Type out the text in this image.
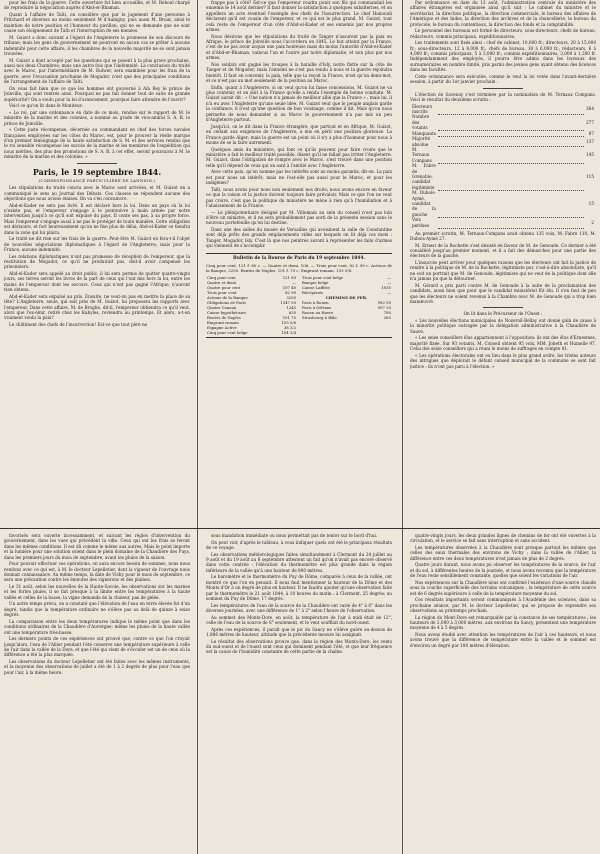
pour les frais de la guerre. Cette ouverture fut bien accueillie, et M. Reboul chargé de reproduire la négociation auprès d'Abd-er-Rhaman.

Quant à l'affaire de Taïti, on considère que par le jugement d'une personne à Pritchard et diverses au moins seulement M d'Aubigny, puis aussi M. Bruat, ainsi le maintien de notre position et l'honneur du pavillon, qui ne se demande que ne sont cause son éloignement de Taïti et l'interruption de ses menées.

M. Guizot a donc suivant a l'égard de l'Angleterre la promesse de son discours de tribune; mais les gens du gouvernement ne pourront en aucun cas se prêter à aucune indemnité pour cette affaire, il les chambres de la nouvelle majorité ne se sont jamais trouvées.

M. Guizot a dont accepté par les questions qui se posent à la plus grave prochaine, aussi nos deux Chambres; mais une autre fois que l'indemnité. La conclusion du traité avec le Maroc, par l'intermédiaire de M. Bulwer, sera examinée pour les frais de la guerre, avec l'évacuation prochaine de Mogador, n'est que des principales conditions de l'arrangement de l'affaire de Taïti.

On vous fait bien que ce que les hommes ont gouverné à Aïn Bey le prince de Joinville, qui sont rentrés ainsi. Pourquoi ne pas fait donner tout de suite de grande supériorité? On a voulu pour la loi d'avancement, pourquoi faire attendre de l'ouvrir?

Voici ce qu'on lit dans le Moniteur:

« Le roi, par une ordonnance en date de ce mois, rendue sur le rapport de M. le ministre de la marine et des colonies, a nommé au grade de vice-amiral S. A. R. le prince de Joinville.

« Cette juste récompense, décernée au commandant en chef des forces navales françaises employées sur les côtes du Maroc, est, pour le prouver la réelle marque d'un premier témoignage de la haute satisfaction de S. M. et des services rendus que le roi sensible récompense les succès de la marine et les membres de l'expédition qui nous mérites, des plus des promotions de S. A. R. à cet effet, seront poursuivis à M. le ministre de la marine et des colonies. »

Paris, le 19 septembre 1844.
(CORRESPONDANCE PARTICULIÈRE DE LANNION.)

Les stipulations du traité conclu avec le Maroc sont arrivées, et M. Guizot en a communiqué le sens au Journal des Débats. Ces clauses ne répondent aucune des objections que nous avions émises. On va s'en convaincre.

Abd-el-Kader ne sera pas livré. Il est déclaré hors la loi. Dans un pays où la loi n'existe pas, et l'empereur s'engage à le poursuivre à main armée par notre intervention jusqu'à ce qu'il soit expulsé du pays. Il conte ses pas, à sa propre force. Mais l'empereur s'engage aussi à ne pas le protéger de toute manière. Cette obligation est dérisoire, et fort heureusement qu'on ne fixe plus de délai; Abd-el-Kader se tiendra dans la zone qui lui plaira.

Le traité ne dit rien sur les frais de la guerre. Peut-être M. Guizot en fera-t-il l'objet de nouvelles négociations diplomatiques à l'égard de l'Angleterre; mais pour la France, aucune indemnité.

Les relations diplomatiques n'ont pas promesse de réception de l'empereur, que la restitution de Mogador, ce qu'il ne produirait pas, doit-il avoir compensé les prisonniers.

Abd-el-Kader sera appelé au droit public, il lui sera permis de quitter quatre-vingts jours, ses terres seront les livres de la part de ceux qui l'ont mis hors la loi, entre les mains de l'empereur dont les secours. Ceux qui n'ont pas gagné l'Afrique, n'auront rien obtenu.

Abd-el-Kader sera expulsé au pris. Ensuite, ne veut-on pas en mettre la place de sa tête? L'Angleterre, seule, qui soit près de M. Guizot, lui proposera les rapports avec l'empereur. Dans cette affaire, M. de Broglie, dit-il, l'empereur obtiendra ce qu'il veut, alors que l'ex-émir, retiré chez les Kabyles, reviendra au printemps. Et alors, a-t-on vraiment voulu la paix?

Le châtiment des chefs de l'insurrection! Est-ce que tout père ne

frappe pas à côté? Est-ce que l'empereur voudra punir son fils qui commandait les ennemis le 14 août dernier? Il faut donner la satisfaction à quelques subalternes, et on appellera un acte éventuel l'exemple des chefs de l'insurrection. Le chef Hamoudi déclarent qu'il est cousin de l'empereur, et ce qui est le plus grand, M. Guizot, tout cela reste de l'empereur d'un côté d'Abd-el-Kader et ses ennemis par nos propres armes.

Nous désirons que les stipulations du traité de Tanger n'assurent pas la paix en Afrique, le prince de Joinville nous l'accordera en 1845. Le but atteint par la France, c'est de ne pas avoir acquis une paix honteuse mais du moins l'autorité d'Abd-el-Kader et d'Abd-er-Rhaman, vaincus l'un et l'autre par notre diplomatie, et non plus par nos armes.

Nos soldats ont gagné les troupes à la bataille d'Isly, notre flotte sur la côte de Tanger et de Mogador; mais l'ennemi ne s'est pas rendu à nous et la guerre rejoindra bientôt. Il faut en convenir, la paix, telle que la reçoit la France, n'est qu'un demi-mot, et ce n'est pas un mot seulement de la position au Maroc.

Enfin, quant à l'Angleterre, si on veut qu'on lui fasse concessions, M. Guizot ne va plus contenir, et on doit à la France qu'elle a rendu l'exemple de bonne conduite. M. Guizot aurait dit : « Une nation n'a jamais de meilleur allié que la France » ; mais lui, il n'a eu avec l'Angleterre qu'une seule idée, M. Guizot veut que le peuple anglais garde la confiance; il n'est qu'une question de bon voisinage, comme il dit. Mais qu'on nous permette de nous demander si au Maroc le gouvernement n'a pas mis un peu d'Angleterre partout.

Jusqu'ici, on le dit dans la France étrangère, que partout et en Afrique, M. Guizot, en cédant aux exigences de l'Angleterre, a mis en péril une position glorieuse. La France garde Alger; mais la guerre est un point où il n'y a plus d'honneur pour nous à moins de se la faire autrement.

Quelques amis du ministère, qui font ce qu'ils peuvent pour faire croire que le ministère a fait le meilleur traité possible, disent qu'il ne fallait pas irriter l'Angleterre. M. Guizot, dans l'obligation de rompre avec le Maroc, s'est trouvé dans une position telle qu'il dépend de ceux qui en sont à l'amitié avec l'Angleterre.

Avec cette paix, qu'on nomme par les intérêts sont au moins garantis, dit-on. La paix est pour nous un intérêt; mais ne l'est-elle pas aussi pour le Maroc, et pour les indigènes?

Taïti, nous avons pour nous non seulement nos droits; nous avons encore en faveur ce que la raison et la justice doivent toujours faire prévaloir. Mais ce que l'on ne veut pas croire, c'est que la politique du ministère ne mène à rien qu'à l'humiliation et à l'abaissement de la France.

— Le plénipotentiaire désigné par M. Villemain au sein du conseil n'est pas loin d'être un ministre, et il ne sera probablement pas sorti de la présente session sans le nouveau portefeuille qu'on lui destine.

Dans une des salles du musée de Versailles qui avoisinent la salle de Constantine sont déjà prêts des grands emplacements vides sur lesquels on lit déjà ces mots : Tanger, Mogador, Isly. C'est là que nos peintres auront à représenter les faits d'armes qui viennent de s'accomplir.

Bulletin de la Bourse de Paris du 19 septembre 1844.

Cinq pour cent, 121 f. 80 c. — Quatre et demi, 106. — Trois pour cent, 82 f. 90 c. Actions de la Banque, 3250. Rentes de Naples, 101 f. 75 c. Emprunt romain, 103 5/8.

Cinq pour cent	121 80
Quatre et demi	—
Quatre pour cent	107 40
Trois pour cent	82 90
Actions de la Banque	3250
Obligations de Paris	1347 50
Quatre Canaux	1245
Caisse hypothécaire	630
Rentes de Naples	101 75
Emprunt romain	103 5/8
Espagne Active	38 1/2
Cinq pour cent belge	104 1/4
Trois pour cent belge	—
Banque belge	—
Caisse Laffitte	1035
Récépissés	—
CHEMINS DE FER.
Paris à Rouen	982 50
Paris à Orléans	907 50
Rouen au Havre	780
Strasbourg à Bâle	265

Par ordonnance en date du 13 août, l'administration centrale du ministère des affaires étrangères est organisée ainsi qu'il suit : Le cabinet du ministre et le secrétariat, la direction politique, la direction commerciale, le bureau des affaires de l'Amérique et des Indes, la direction des archives et de la chancellerie, le bureau du protocole, le bureau du contentieux, la direction des fonds et la comptabilité.

Le personnel des bureaux est formé de directeurs, sous-directeurs, chefs de bureau, rédacteurs, commis principaux, expéditionnaires.

Les traitements sont fixés ainsi : chef de cabinet, 10,000 fr.; directeurs, 20 à 15,000 fr.; sous-directeurs, 12 à 8,000 fr.; chefs de bureau, 10 à 6,000 fr.; rédacteurs, 6 à 4,000 fr.; commis principaux, 5 à 3,000 fr.; commis expéditionnaires, 3,000 à 1,200 fr. Indépendamment des employés, il pourra être admis dans les bureaux des surnuméraires en nombre limité, pris parmi des jeunes gens ayant obtenu des licences dans les facultés.

Cette ordonnance sera exécutée, comme le veut la loi votée dans l'avant-dernière session, à partir du 1er janvier prochain.

L'élection de Savenay s'est terminée par la nomination de M. Ternaux Compans. Voici le résultat du deuxième scrutin :

Électeurs inscrits		364
Nombre des votants		277
Manquants		87
Majorité absolue		137
M. Ternaux Compans		145
M. Fabre de Grenoble, candidat légitimiste		115
M. Dubois-Aymé, candidat de la gauche		15
Voix perdues		2

Au premier scrutin, M. Ternaux-Compans avait obtenu 135 voix, M. Fabre 110, M. Dubois-Aymé 27.

M. Ernest de la Rochette s'est désisté en faveur de M. de Genoude. Ce dernier a été considéré jusqu'au premier moment, et il a fait des démarches pour une partie des électeurs de la gauche.

L'insuccès peut arriver pour quelques raisons que les électeurs ont fait la justice de rendre à la politique de M. de la Rochette, légitimiste pur, c'est-à-dire absolutiste, qu'il ne soit un portrait que M. de Genoude, légitimiste qui ne veut de la politique dont elle n'a jamais pu que la détourner.

M. Gérard a pris parti contre M. de Genoude à la suite de la proclamation des candidats, aussi bien que pour que le candidat ministériel fût élu. Il s'en faut de peu que les électeurs ne soient revenus à la Chambre avec M. de Genoude qui a trop bien manœuvré.

On lit dans le Précurseur de l'Ouest :

« Les nouvelles élections municipales de Nozeroil-Bellay ont donné gain de cause à la minorité politique outragée par la délégation administrative à la Chaudière de Sauvé.

« Les seize conseillers élus appartiennent à l'opposition: ils ont des élus d'Ernesmes, majorité fixée. Sur 93 votants, M. Conseil obtient 95 voix, MM. Jobeth et Humelle 97. Celui des seize conseillers qui a réuni le moins de suffrages en compte 81.

« Les opérations électorales ont eu lieu dans le plus grand ordre, les tristes auteurs des intrigues que déplorait le défunt conseil municipal de la commune se sont fait justice : ils n'ont pas paru à l'élection. »

favorisés sera ouverte incessamment, et suivant les règles d'intervention du gouvernement, dans les vues qui précèdent la ville. Ceux qui ont les frais se feront dans les mêmes conditions. Il est dû comme le même aux autres, Mais le point importe et la lumière pour une solution soient dans le plein domaine de la Chaudière des Puys, dans les premiers jours du mois de septembre, avant les pluies de la saison.

Pour pouvoir effectuer ces opérations, on aura encore besoin de sommes, nous nous rendons avec ce qui est, à M. le docteur Lepelletier, dont la vigueur de l'ouvrage nous donnait connaissance. Au même temps, la date de Vichy pour le mois de septembre, ce sera une précaution contre les émeutes des vignerons et des plaines.

Le 31 août, selon les nouvelles de la Haute-Savoie, les observations sur les marnes et les fortes pluies, il se fait presque à la limite entre les températures à la haute vallée et celles de la basse; la vigne demande de la chaleur, pas de gelée.

Un autre temps prévu, on a constaté que l'élévation de l'eau en terre élevée fut d'un degré, tandis que la température ordinaire ne s'élève pas au delà de quinze à seize degrés.

La comparaison entre les deux températures indique le même point que dans les conditions ordinaires de la Chaudière d'Auvergne; même les pluies de la haute vallée ont une température très-basse.

Les derniers points de ces expériences ont prouvé que, contre ce que l'on croyait jusqu'alors, l'eau de l'Allier pendant l'été conserve une température supérieure à celle de l'air dans la vallée de la Dore, et que l'été qui vient de s'écouler est un de ceux où la différence a été la plus marquée.

Les observations du docteur Lepelletier ont été faites avec les mêmes instruments, et la moyenne des observations de juillet a été de 1 à 2 degrés de plus pour l'eau que pour l'air, à la même heure.

sous mandation immédiate ou nous permettait pas de tenter sur le bord d'hui.

On peut voir, d'après le tableau, à vous indiquer quels ont été le principaux résultats de ce voyage.

Les observations météorologiques faites simultanément à Clermont du 24 juillet au 9 août et du 19 août au 8 septembre attestent un fait qu'on n'avait pas encore observé dans cette contrée : l'élévation du thermomètre est plus grande dans la région inférieure de la vallée qu'à une hauteur de 800 mètres.

Le baromètre et le thermomètre du Puy de Dôme, comparés à ceux de la vallée, ont montré ce que l'on en pensait. Il nous faut mentionner la hauteur de la Dôme et des Monts d'Or à un degré de plus en hauteur. Il ne faudra ajouter qu'une observation faite par le thermomètre le 21 août 1844, à 10 heures du matin : à Clermont, 25 degrés; au sommet du Puy de Dôme, 17 degrés.

Les températures de l'eau de la source de la Chaudière ont varié de 4° à 6° dans les diverses journées, avec une différence de 1° à 2° selon l'heure de l'observation.

Au sommet des Monts-Dore, en août, la température de l'air à midi était de 12°, celle de l'eau de la source de 8° seulement, et le vent soufflait du nord-ouest.

Après ces expériences, il paraît que le pic du Sancy ne s'élève guère au-dessus de 1,886 mètres de hauteur, altitude que la précédente mesure lui assignait.

Le résultat des observations prouve que, dans la région des Monts-Dore, les vents du sud-ouest et de l'ouest sont ceux qui dominent pendant l'été, et que leur fréquence est la cause de l'humidité constante de cette partie de la chaîne.

quatre-vingts jours, les deux grandes lignes de chemins de fer ont été ouvertes à la circulation, et le service se fait sans interruption et sans accident.

Les températures observées à la Chaudière sont presque partout les mêmes que celles des eaux thermales des environs de Vichy ; dans la vallée de l'Allier, la différence entre ces deux températures n'est jamais de plus de 2 degrés.

Quatre jours durant, nous avons pu observer les températures de la source, de l'air et du sol, à différentes heures de la journée, et nous avons reconnu que la température de l'eau reste sensiblement constante, quelles que soient les variations de l'air.

Nos expériences sur la Chaudière nous ont confirmé l'existence d'une source chaude sous la couche superficielle des terrains volcaniques ; la température de cette source est de 6 degrés supérieure à celle de la température moyenne du sol.

Ces résultats importants seront communiqués à l'Académie des sciences, dans sa prochaine séance, par M. le docteur Lepelletier, qui se propose de reprendre ses observations au printemps prochain.

La région du Mont-Dore est remarquable par la constance de ses températures ; les hauteurs de 2,000 à 3,000 mètres, aux environs du Sancy, présentent une température moyenne de 4 à 5 degrés.

Nous avons étudié avec attention les températures de l'air à ces hauteurs, et nous avons trouvé que la différence de température entre la vallée et le sommet est d'environ un degré par 180 mètres d'élévation.
